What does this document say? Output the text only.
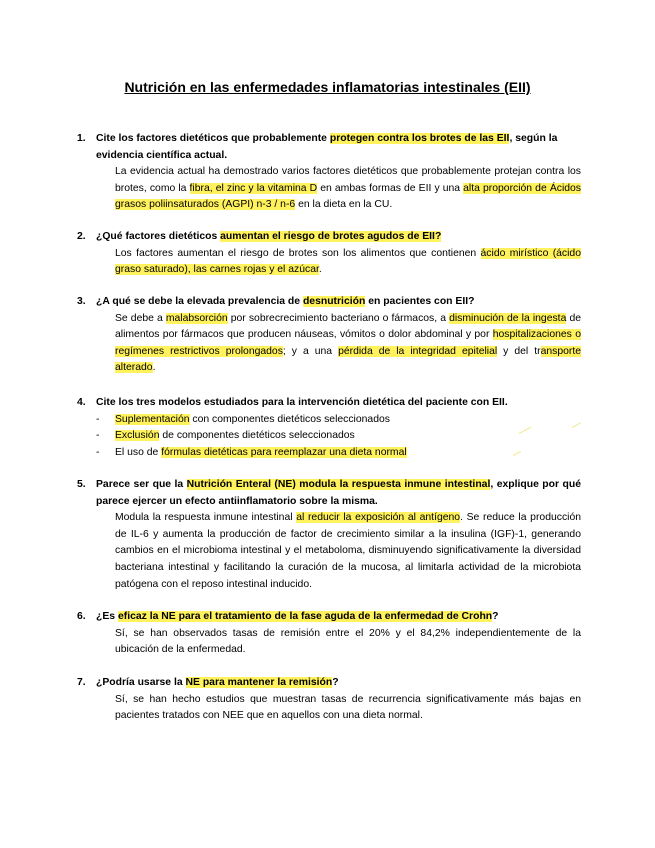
Nutrición en las enfermedades inflamatorias intestinales (EII)
1. Cite los factores dietéticos que probablemente protegen contra los brotes de las EII, según la evidencia científica actual.

La evidencia actual ha demostrado varios factores dietéticos que probablemente protejan contra los brotes, como la fibra, el zinc y la vitamina D en ambas formas de EII y una alta proporción de Ácidos grasos poliinsaturados (AGPI) n-3 / n-6 en la dieta en la CU.

2. ¿Qué factores dietéticos aumentan el riesgo de brotes agudos de EII?

Los factores aumentan el riesgo de brotes son los alimentos que contienen ácido mirístico (ácido graso saturado), las carnes rojas y el azúcar.

3. ¿A qué se debe la elevada prevalencia de desnutrición en pacientes con EII?

Se debe a malabsorción por sobrecrecimiento bacteriano o fármacos, a disminución de la ingesta de alimentos por fármacos que producen náuseas, vómitos o dolor abdominal y por hospitalizaciones o regímenes restrictivos prolongados; y a una pérdida de la integridad epitelial y del transporte alterado.

4. Cite los tres modelos estudiados para la intervención dietética del paciente con EII.

- Suplementación con componentes dietéticos seleccionados
- Exclusión de componentes dietéticos seleccionados
- El uso de fórmulas dietéticas para reemplazar una dieta normal
5. Parece ser que la Nutrición Enteral (NE) modula la respuesta inmune intestinal, explique por qué parece ejercer un efecto antiinflamatorio sobre la misma.

Modula la respuesta inmune intestinal al reducir la exposición al antígeno. Se reduce la producción de IL-6 y aumenta la producción de factor de crecimiento similar a la insulina (IGF)-1, generando cambios en el microbioma intestinal y el metaboloma, disminuyendo significativamente la diversidad bacteriana intestinal y facilitando la curación de la mucosa, al limitarla actividad de la microbiota patógena con el reposo intestinal inducido.

6. ¿Es eficaz la NE para el tratamiento de la fase aguda de la enfermedad de Crohn?

Sí, se han observados tasas de remisión entre el 20% y el 84,2% independientemente de la ubicación de la enfermedad.

7. ¿Podría usarse la NE para mantener la remisión?

Sí, se han hecho estudios que muestran tasas de recurrencia significativamente más bajas en pacientes tratados con NEE que en aquellos con una dieta normal.
